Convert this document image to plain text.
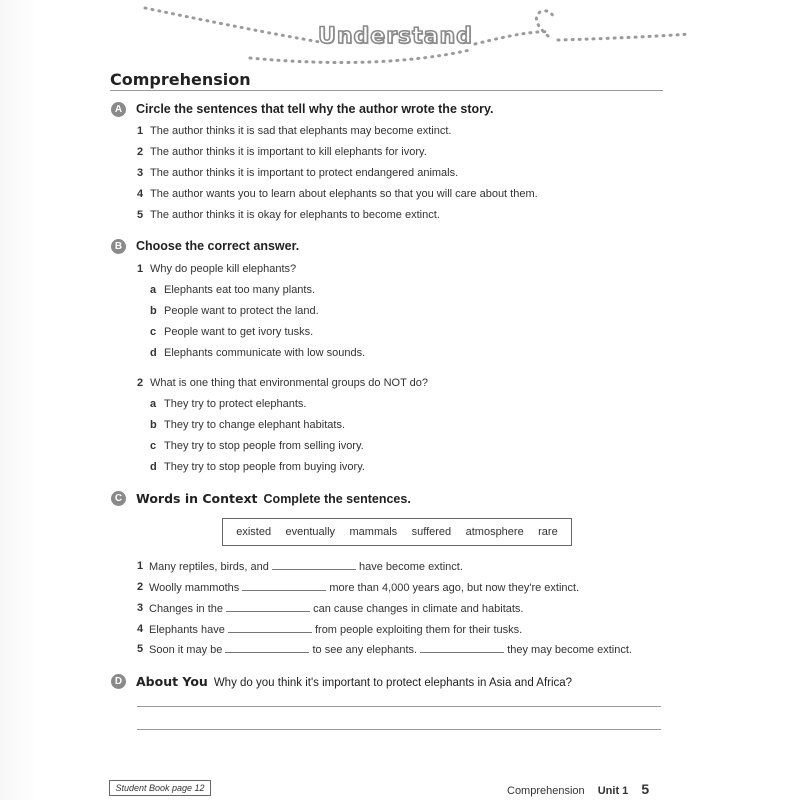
Understand
Comprehension
A	Circle the sentences that tell why the author wrote the story.
1 The author thinks it is sad that elephants may become extinct.
2 The author thinks it is important to kill elephants for ivory.
3 The author thinks it is important to protect endangered animals.
4 The author wants you to learn about elephants so that you will care about them.
5 The author thinks it is okay for elephants to become extinct.
B	Choose the correct answer.
1 Why do people kill elephants?
a Elephants eat too many plants.
b People want to protect the land.
c People want to get ivory tusks.
d Elephants communicate with low sounds.
2 What is one thing that environmental groups do NOT do?
a They try to protect elephants.
b They try to change elephant habitats.
c They try to stop people from selling ivory.
d They try to stop people from buying ivory.
C	Words in Context Complete the sentences.
existed eventually mammals suffered atmosphere rare
1 Many reptiles, birds, and	have become extinct.
2 Woolly mammoths	more than 4,000 years ago, but now they're extinct.
3 Changes in the	can cause changes in climate and habitats.
4 Elephants have	from people exploiting them for their tusks.
5 Soon it may be	to see any elephants.	they may become extinct.
D	About You Why do you think it's important to protect elephants in Asia and Africa?
Student Book page 12	Comprehension Unit 1 5
